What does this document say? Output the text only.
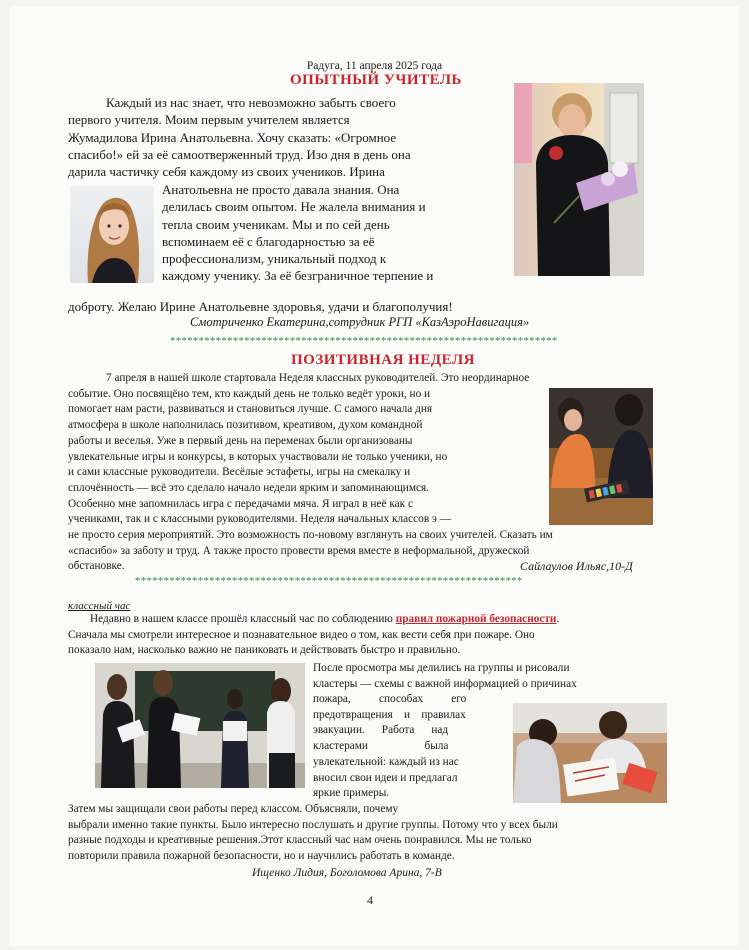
Радуга, 11 апреля 2025 года
ОПЫТНЫЙ УЧИТЕЛЬ
Каждый из нас знает, что невозможно забыть своего
первого учителя. Моим первым учителем является
Жумадилова Ирина Анатольевна. Хочу сказать: «Огромное
спасибо!» ей за её самоотверженный труд. Изо дня в день она
дарила частичку себя каждому из своих учеников. Ирина
Анатольевна не просто давала знания. Она
делилась своим опытом. Не жалела внимания и
тепла своим ученикам. Мы и по сей день
вспоминаем её с благодарностью за её
профессионализм, уникальный подход к
каждому ученику. За её безграничное терпение и
доброту. Желаю Ирине Анатольевне здоровья, удачи и благополучия!
Смотриченко Екатерина,сотрудник РГП «КазАэроНавигация»
********************************************************************
ПОЗИТИВНАЯ НЕДЕЛЯ
7 апреля в нашей школе стартовала Неделя классных руководителей. Это неординарное
событие. Оно посвящёно тем, кто каждый день не только ведёт уроки, но и
помогает нам расти, развиваться и становиться лучше. С самого начала дня
атмосфера в школе наполнилась позитивом, креативом, духом командной
работы и веселья. Уже в первый день на переменах были организованы
увлекательные игры и конкурсы, в которых участвовали не только ученики, но
и сами классные руководители. Весёлые эстафеты, игры на смекалку и
сплочённость — всё это сделало начало недели ярким и запоминающимся.
Особенно мне запомнилась игра с передачами мяча. Я играл в неё как с
учениками, так и с классными руководителями. Неделя начальных классов э —
не просто серия мероприятий. Это возможность по-новому взглянуть на своих учителей. Сказать им
«спасибо» за заботу и труд. А также просто провести время вместе в неформальной, дружеской
обстановке.	Сайлаулов Ильяс,10-Д
********************************************************************
классный час
Недавно в нашем классе прошёл классный час по соблюдению правил пожарной безопасности.
Сначала мы смотрели интересное и познавательное видео о том, как вести себя при пожаре. Оно
показало нам, насколько важно не паниковать и действовать быстро и правильно.
После просмотра мы делились на группы и рисовали
кластеры — схемы с важной информацией о причинах
пожара,          способах          его
предотвращения    и    правилах
эвакуации.      Работа      над
кластерами                    была
увлекательной: каждый из нас
вносил свои идеи и предлагал
яркие примеры.
Затем мы защищали свои работы перед классом. Объясняли, почему
выбрали именно такие пункты. Было интересно послушать и другие группы. Потому что у всех были
разные подходы и креативные решения.Этот классный час нам очень понравился. Мы не только
повторили правила пожарной безопасности, но и научились работать в команде.
Ищенко Лидия, Боголомова Арина, 7-В
4
